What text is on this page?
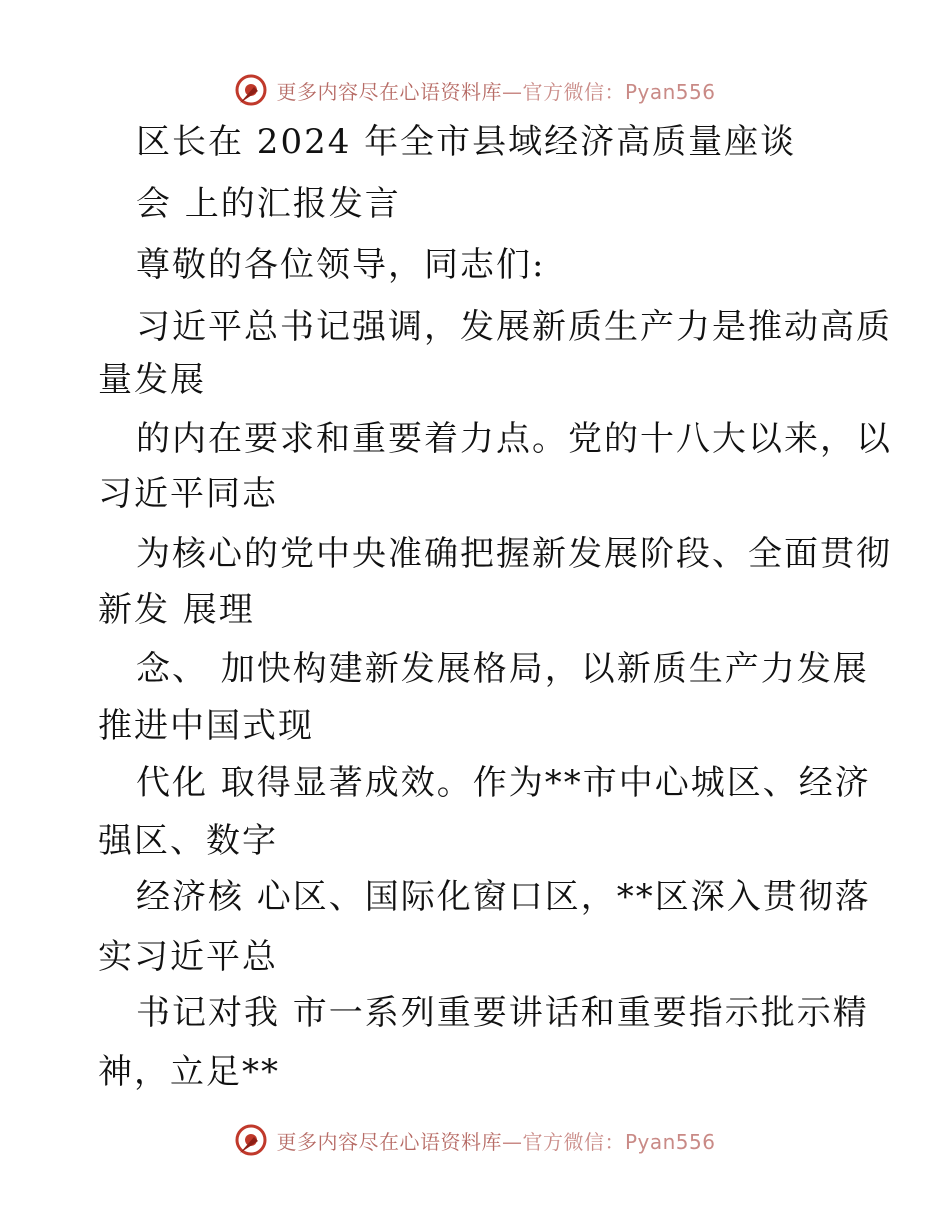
更多内容尽在心语资料库—官方微信：Pyan556
区长在 2024 年全市县域经济高质量座谈
会 上的汇报发言
尊敬的各位领导，同志们:
习近平总书记强调，发展新质生产力是推动高质
量发展
的内在要求和重要着力点。党的十八大以来，以
习近平同志
为核心的党中央准确把握新发展阶段、全面贯彻
新发 展理
念、 加快构建新发展格局，以新质生产力发展
推进中国式现
代化 取得显著成效。作为**市中心城区、经济
强区、数字
经济核 心区、国际化窗口区，**区深入贯彻落
实习近平总
书记对我 市一系列重要讲话和重要指示批示精
神，立足**
更多内容尽在心语资料库—官方微信：Pyan556
